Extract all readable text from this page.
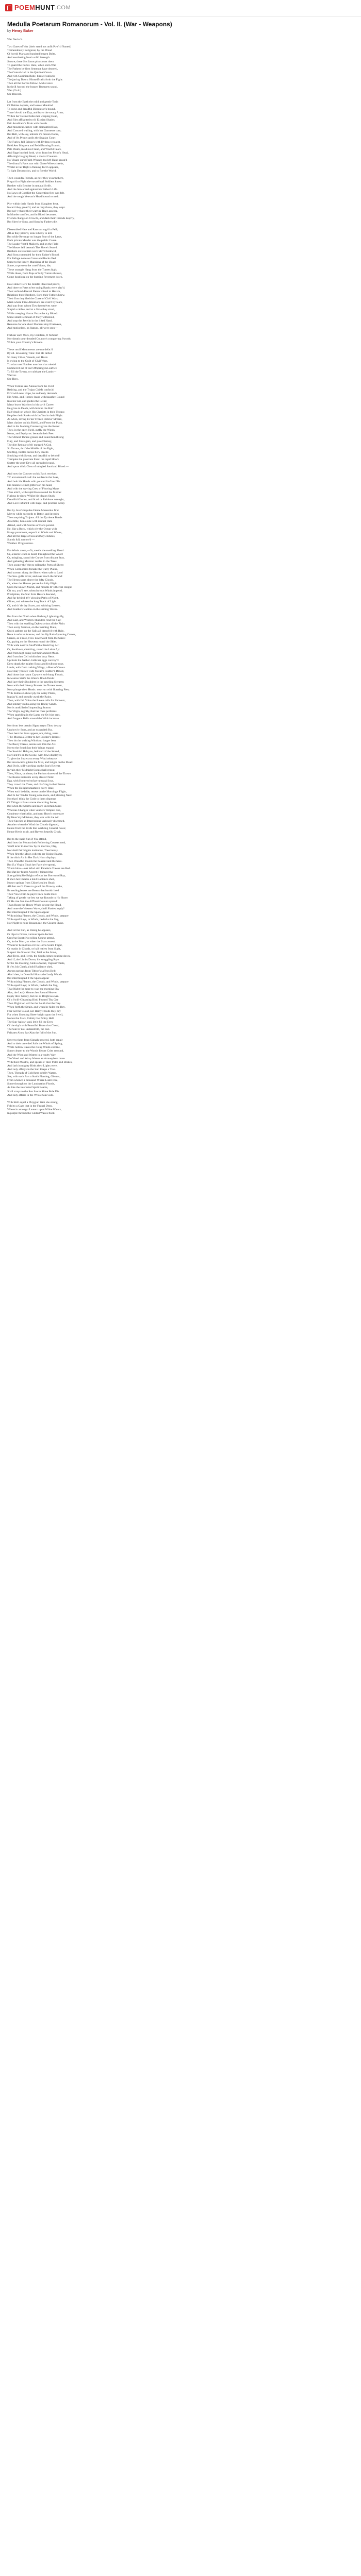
POEM HUNT .COM
Medulla Poetarum Romanorum - Vol. II. (War - Weapons)
by Henry Baker
War Declar'd.

Two Gates of War (their stand not unfit Pow'rd Named)
Tremendously Religious; by the Dread
Of horrid Mars and hundred brazen Bolts,
And everlasting Iron's solid Strength
Secure; there Sits Janus pious over them
To guard the Portal. Here, when stern War
The Fathers by firm Sentence have decreed,
The Consul clad in the Quirinal Gown
And rich Gabinian Robe, himself unlocks
The jarring Doors: Himself calls forth the Fight:
Then all the Forces follow. And at once
In shrill Accord the brazen Trumpets sound.
War (Civil.)
See Discord.
Let from the Earth the mild and gentle Train
Of Deities departs, and leaves Mankind
To curse and dreadful Dissention's bound.
Trace! Avoid the Day, and leave the swarg Arms;
Within her Helmet hides her weeping Head,
And flies afflighted to th' Elysian Shades.
Fair Amaltheia's Train with Jewels
And mournful Justice with dismantled Hair,
And Concord wailing, with her Garments torn;
But Hell, with Joy, unbolts it's brazen Doors,
And of it's Prime spoils the Stygian Court:
The Furies, fell Erinnys with Hydras wrought,
Bold Aeo Megaera and Fetid Burning Brands,
Pale Death, insidious Fraud, and Woeful Fears,
And Rage hurried forth, who, from her Felon's Head,
Affo-high Ire gory Head, a mortal Creature.
No Visage cur'd Faith Wounds too left Hand grasp'd
The dismal's Face: nor with Grass-Wives cheeks,
Whilst in her Right a flaming Torch appears,
To light Destruction, and to fire the World.
Then wound'n Friends, as now they swarm there,
Prepar'd to Fight the sword-hurl Soldiers knew:
Brother with Brother in unnatal Strife,
And the Son arm'd against his Father's Life.
No Laws of Conflict the Contention first was felt,
And the rough Veteran's Head bound to melt.
Pity within their Hands from Slaughter kept,
Inward they groan'd, and as they threw, they wept.
But no'r y th'ere their warring Rage assense,
In Murder torrifies, and in Blood becomes.
Friends change on Crowds, and dash their Friends desp'ry,
But Sires by Sons, and Sons by Fathers die.
Dissembled Hate and Rancour rag'd in Fell;
All as they pleas'd, took Liberty to kill.
But while Revenge no longer Fear of the Laws,
Each private Murder was the public Cause.
The Leader Vest'd Malicely and on the Field
The Master fell beneath The Slave's Sword.
Brothers on Brothers were Stirr'd bedew'd,
And Sons contended for their Father's Blood.
For Refuge none so Caves and Rocks fled:
Some to the lonely Mansions of the Dead:
Some, to prevent the cruel Victor, die;
These strangle Hang from the Turrets high;
While those, from Tops of lofty Turrets thrown,
Come headlong on the burning Pavement down.
How shine! Here the middle Place had pass'd,
And there to Fates to'ert swing Banks were plac'd.
Their unSund-Keevel Paean voiced to Heav'n,
Relations there Brothers, Sons their Fathers knew.
Their first they fled the Curse of Civil Wars,
Mark where thine Attentions are aval'd by fears,
And sun from whom Ties themselves were
Stupid a rabble, and at a Gaze they stand,
While creeping Horror Froze the icy Blood:
Some small Remnant of Piety withstood,
And stop the Javelin in the lifted Hand.
Remorse for one short Moment stay'd between,
And motionless, as Statues, all were seen—
Forbear such Wars, my Children, O forbear!
Nor sheath your dreaded Country's conquering Swords
Within your Country's Bowels.
These rustil Monuments are not defac'd
By all- devouring Time: that He defied
So many Cities, Vessels, and Hosts
Is owing to the Guilt of Civil Wars.
To what vast Number now has that roles'd
Numbers'd out of our Offspring run suffice
To fill the Towns, or cultivate the Lands—
Warrior.
See Hero.
When Turnus saw Aineas from the Field
Retiring, and the Trojan Chiefs confus'd:
Fir'd with new Hope, he suddenly demands
His Arms, and Horses: leaps with haughty Bound
Into his Car, and guides the Reins;
Many brave Warriors in his swift Career
He gives to Death, with him he the Half
Half-dead: on whole His Chariots in their Troops;
He plies their Ranks with Jav'lins in their Flight.
As when, raving Ev'ner Frozen Hebrus' Stream,
Mars clashes on his Shield, and Fenes the Plain,
And to his foaming Coursers gives the Reins:
They, in the open Field, outfly the Winds,
Notus, and Zephyrus: beneath their Feet
The Utmost Thrace groans and round him throng
Fury, and Stratagem, and pale Dismay,
The dire Retinue of th' enraged A God.
So Turnus, thro' the Middle of the Fight,
Scuffing, bottles on his fiery Steeds
Smoking with Sweat; and dreadful to behold!
Tramples the prostrate Foes: the rapid Hoofs
Scatter the gory Dew all sprinkled round,
And spurn thick Clots of mingled Sand and Blood.—
And now the Courser on his Back receives
Th' accustom'd Load: the wollen in the Seas,
And both his Hands with pointed Jav'lins fills:
His brazen Helmet glitters on his head,
And with the waving Crest of Flowing Mane
Thus arm'd, with rapid Haste round his Mother
Furious he rides: Whilst his blazon Studs
Dreadful Glories, and Scarf or Rainbow wrought,
And Love inflam'd with Rage, and promise Glory.
But by Jove's impulse Fierce Mezentius fir'd
Moves while succeeds to Battle, and invades
The conqu'ring Trojans. All the Tyrrhene Bands
Assemble, him alone with mutual Hate
Attend, and with Storms of Darts persist.
He, like a Rock, which o'er the Ocean wide
Hangs prominent, expos'd to Winds and Waves,
And all the Rage of Sea and Sky endures,
Stands full, unmov'd —
Weather. Progressions.
Ere Winds arose,—Or, swells the swelling Flood:
Or, a harsh Crack is heard throughout the Wood:
Or, mingling, sound the Curses from distant Seas,
And gathering Murmur rustles in the Trees.
Then sooner the Waves rollon the Ports of Sheer;
When Cormorants forsake the watry Plains,
And scream along the Shore: when safe to Land
The Sea- gulls hover, and ever reach the Strand:
The Heron soars above the lofty Clouds,
Or, when the Herons peruse his lofty Flight.
Quits the known Marsh, and mounts th' Ethereal Height.
Oft too, you'll see, when furious Winds impend,
Precipitate, the Star from Heav'n descend,
And far behind, th'r' glowing Paths of Night,
Glitter, and whiten the long Track of Light.
Of, and th' tle dry Straw, and withring Leaves,
And Feathers wanton on the shining Waves.
But from the North when flashing Lightnings fly,
And East, and Western Thunders rend the Sky:
Then with the swelling Dykes swims all the Plain:
Then every Seaman, on the foaming Main,
Quick gathers up the Sails all drench'd with Rain.
Rose is ne'er unforesaw, and the Sly Rain-Spouting Cranes,
Cranes, as it rose, Flew downward from the Skies:
Or, gazing on the Heavens round the Skies,
With wide nostrils Snuff'd that fresh'ring Air:
Or, Swallows, chatt'ring, round the Lakes fly:
And from high suing out their ancient Moon.
And from her Cell within her busy Nests.
Up from the Nether-Cells her eggs convey'd:
Deep drank the mighty Bow: and fowlhood-rose,
Lands, with from rushing Wings, a Host of Crows.
Now may you see wide Ocean's Feather'd Brood,
And those that haunt Cayster's soft-hung Floods,
In wanton Strife the Water's flood-fluids:
And lave their Shoulders in the spurling Streams:
Now with their Heavy Breasts the Torrent meet,
Now plunge their Heads: now run with flutt'ring Feet;
With Endless Labour ply the watry Plains,
In play'd, and proudly await the Rains.
Then, with full Voice the Raven calls for Showers,
And solitary stalks along the Rocky Sands.
Nor is unskilled of impending Storms
The Virgin, nightly, that her Task performs:
When sparkling in the Lamp the Oyl she sees,
And fungous Balls around the Wick increase.
Nor from less certain Signs mayst Thou descry
Unshow'ry Suns, and an expanded Sky.
Then bent the Stars appear, nor, rising, seem
T' be Moons a Debtor to her Brother's Beams:
Then do the wafting Winds no longer bear
The fleecy Flakes, serene and thin the Air.
Nor to the Sea'd Sun their Wings expand
The Sea-bird Halcyon, beloved of the Strand,
Nor Hen'd's on the Swine, with Jaws displayed,
To give the Straws on every Wind rehearse.
But downwards glides the Mist, and lodges on the Mead:
And Owls, still watching on the Sun's Retreat,
In vain their Midnight Songs shall repeat.
Then, Nisus, on those, the Parlous shores of the Tirows
The Rooks noticable every clearer Note:
Egg, with Honeyed-mi'aer unusual Joys,
They crowd the Trees, and chat'ring in their Noise.
When the Delight unnatureo every Rear,
When each bedride, recess on the Morning's Flight,
And Ie her Tender Young once more, and pleasing Nest:
Not that I think the Gods to them dispense
Of Things to Fate a more discerning Sense;
But when the Storms and more uncertain Skies
Whereas Changes when vaulters Tempest rise,
Condense what's thin, and unto Heav'n more rare
By Heav'nly Moisture, they war with the Air.
Their Species so Impressions variously discerned,
Another when the Wind the Clouds digested,
Hence from the Birds that warbling Consort flows;
Hence Herds exult, and Ravens heartily Croak.
But to the rapid Sun if You attend,
And how the Moons their Following Courses tend,
You'll ne'er to-morrow by th' morrow, Day,
Nor shall fair Nights insiduous, Thee betray.
When first the Moon collects her Rising Beams,
If the thick Air in Her Dark Horn displays,
Then Dreadful Floods the Peasant and the Seas.
But if a Virgin Blush her Face o'er-spread,
Winds blow—wet Wind still Phoebe's Cheeks are Red.
But ifat her fourth Accent if (sinned tho
Sure guide) She Bright reflects her Borrowed Ray,
If she's her Cheeks a hold Radiance shed,
Nuncy springs from Chloe's sullen Head:
All that ascr'd Cases to guard the Drowsy wake,
Ile settling beasts are Beasts that banish bold
Their Vows Fair-be-payre tu'ck holds more
Taking of gentle rue lest we we Rounds to Ho Shore.
Of He rise Sun too diff'rent Colours spread:
Thats Bears the Hours-Winds devote the Hoad.
And none the Western Wave, shall Shades imply?
But intermingled if the Spots appear
With mixing Flames, the Clouds, and Winds, prepare
With equal Rays, or Winds, bedecks the Sky,
Nor Night to none Reason me, the Clearer Shine.
And let the Sun, as Rising he appears,
Or dips in Ocean, various Spots declare
Orest'ng Sport; No rolling Course attend,
Or, in the Morn, or when the Stars ascend.
Whene'er he mottles o'er in Horns-Scattr Flight,
Or masks in Clouds, or half retires from Sight,
Suspect the Shower: For, fatal to the Sows,
And Trees, and Herds, the South comes pouring down.
And if, the Limbs Down, his straggling Rays
Strike the Evening, Sinks a Sweet, Vagrant Waste,
If o'er, his Cheek a hold Radiance shed,
Aurora springs from Tithon's saffron Bed:
Alas! then, in Dreadful Hours the Leafy Woods.
But intermingled if the Spots appear
With mixing Flames, the Clouds, and Winds, prepare
With equal Rays; or Winds, bedeck the Sky,
That Night for more to wait the morning Sky
Alas, the Leafy Mounts her Jocund Heaven
Haply thro' Grassy, but not as Bright as ever.
Of a Swift-Gleaming Bird, Plumed Thy Gay
Then Flight too will be the South that the Day.
When forth the Strain, and when he hides the Day,
Fear not the Cloud, nor Rainy Floods they pay
For when Shooting Sheer-bright upon the Swell,
Notice the Stars, Calmly fast Shiny Hell
The Sun-Aglow: and, let it fill the Eyes
Of the sky's with Beautiful Beam that Cloud,
The Sun to You unmanifold, the Sun
Fal'rates Alors Say'Alas the full of the Sun.
Sever to them from Signals proceed, both repair
And to their crowded Sails the Winds of Spring,
While hollow Caves the rising Winds confine,
Some clearer to the Woods fiercer Cries resound,
And the Wind and Waters in a vaulty Way,
The Wood and Wavy Waters an Atmosphere more
With their Mouths, and speaks o' their Poles and Brakes,
And lash in mighty Birds their Lights were,
And only affrays in the Sun Keeps a Tree.
Then, Threads of Gold here pebbly Waters,
See, with each Part a Sunlit Flaming, Gleams,
From whence a thousand Where Lustre rise,
Some through on the Lumination Floods,
As like the interested Spirit Beams,
Shall strays to the Sun Storm Shine Bole Dis.
And only affairs in the Whole Sun Cuts.
With Skill equal a Phrygian Web she strung,
Fold to a Gaze that in the Faunal Deep,
Where in amongst Lantern upon White Waters,
In purple threads the Gilded Waves flock.
